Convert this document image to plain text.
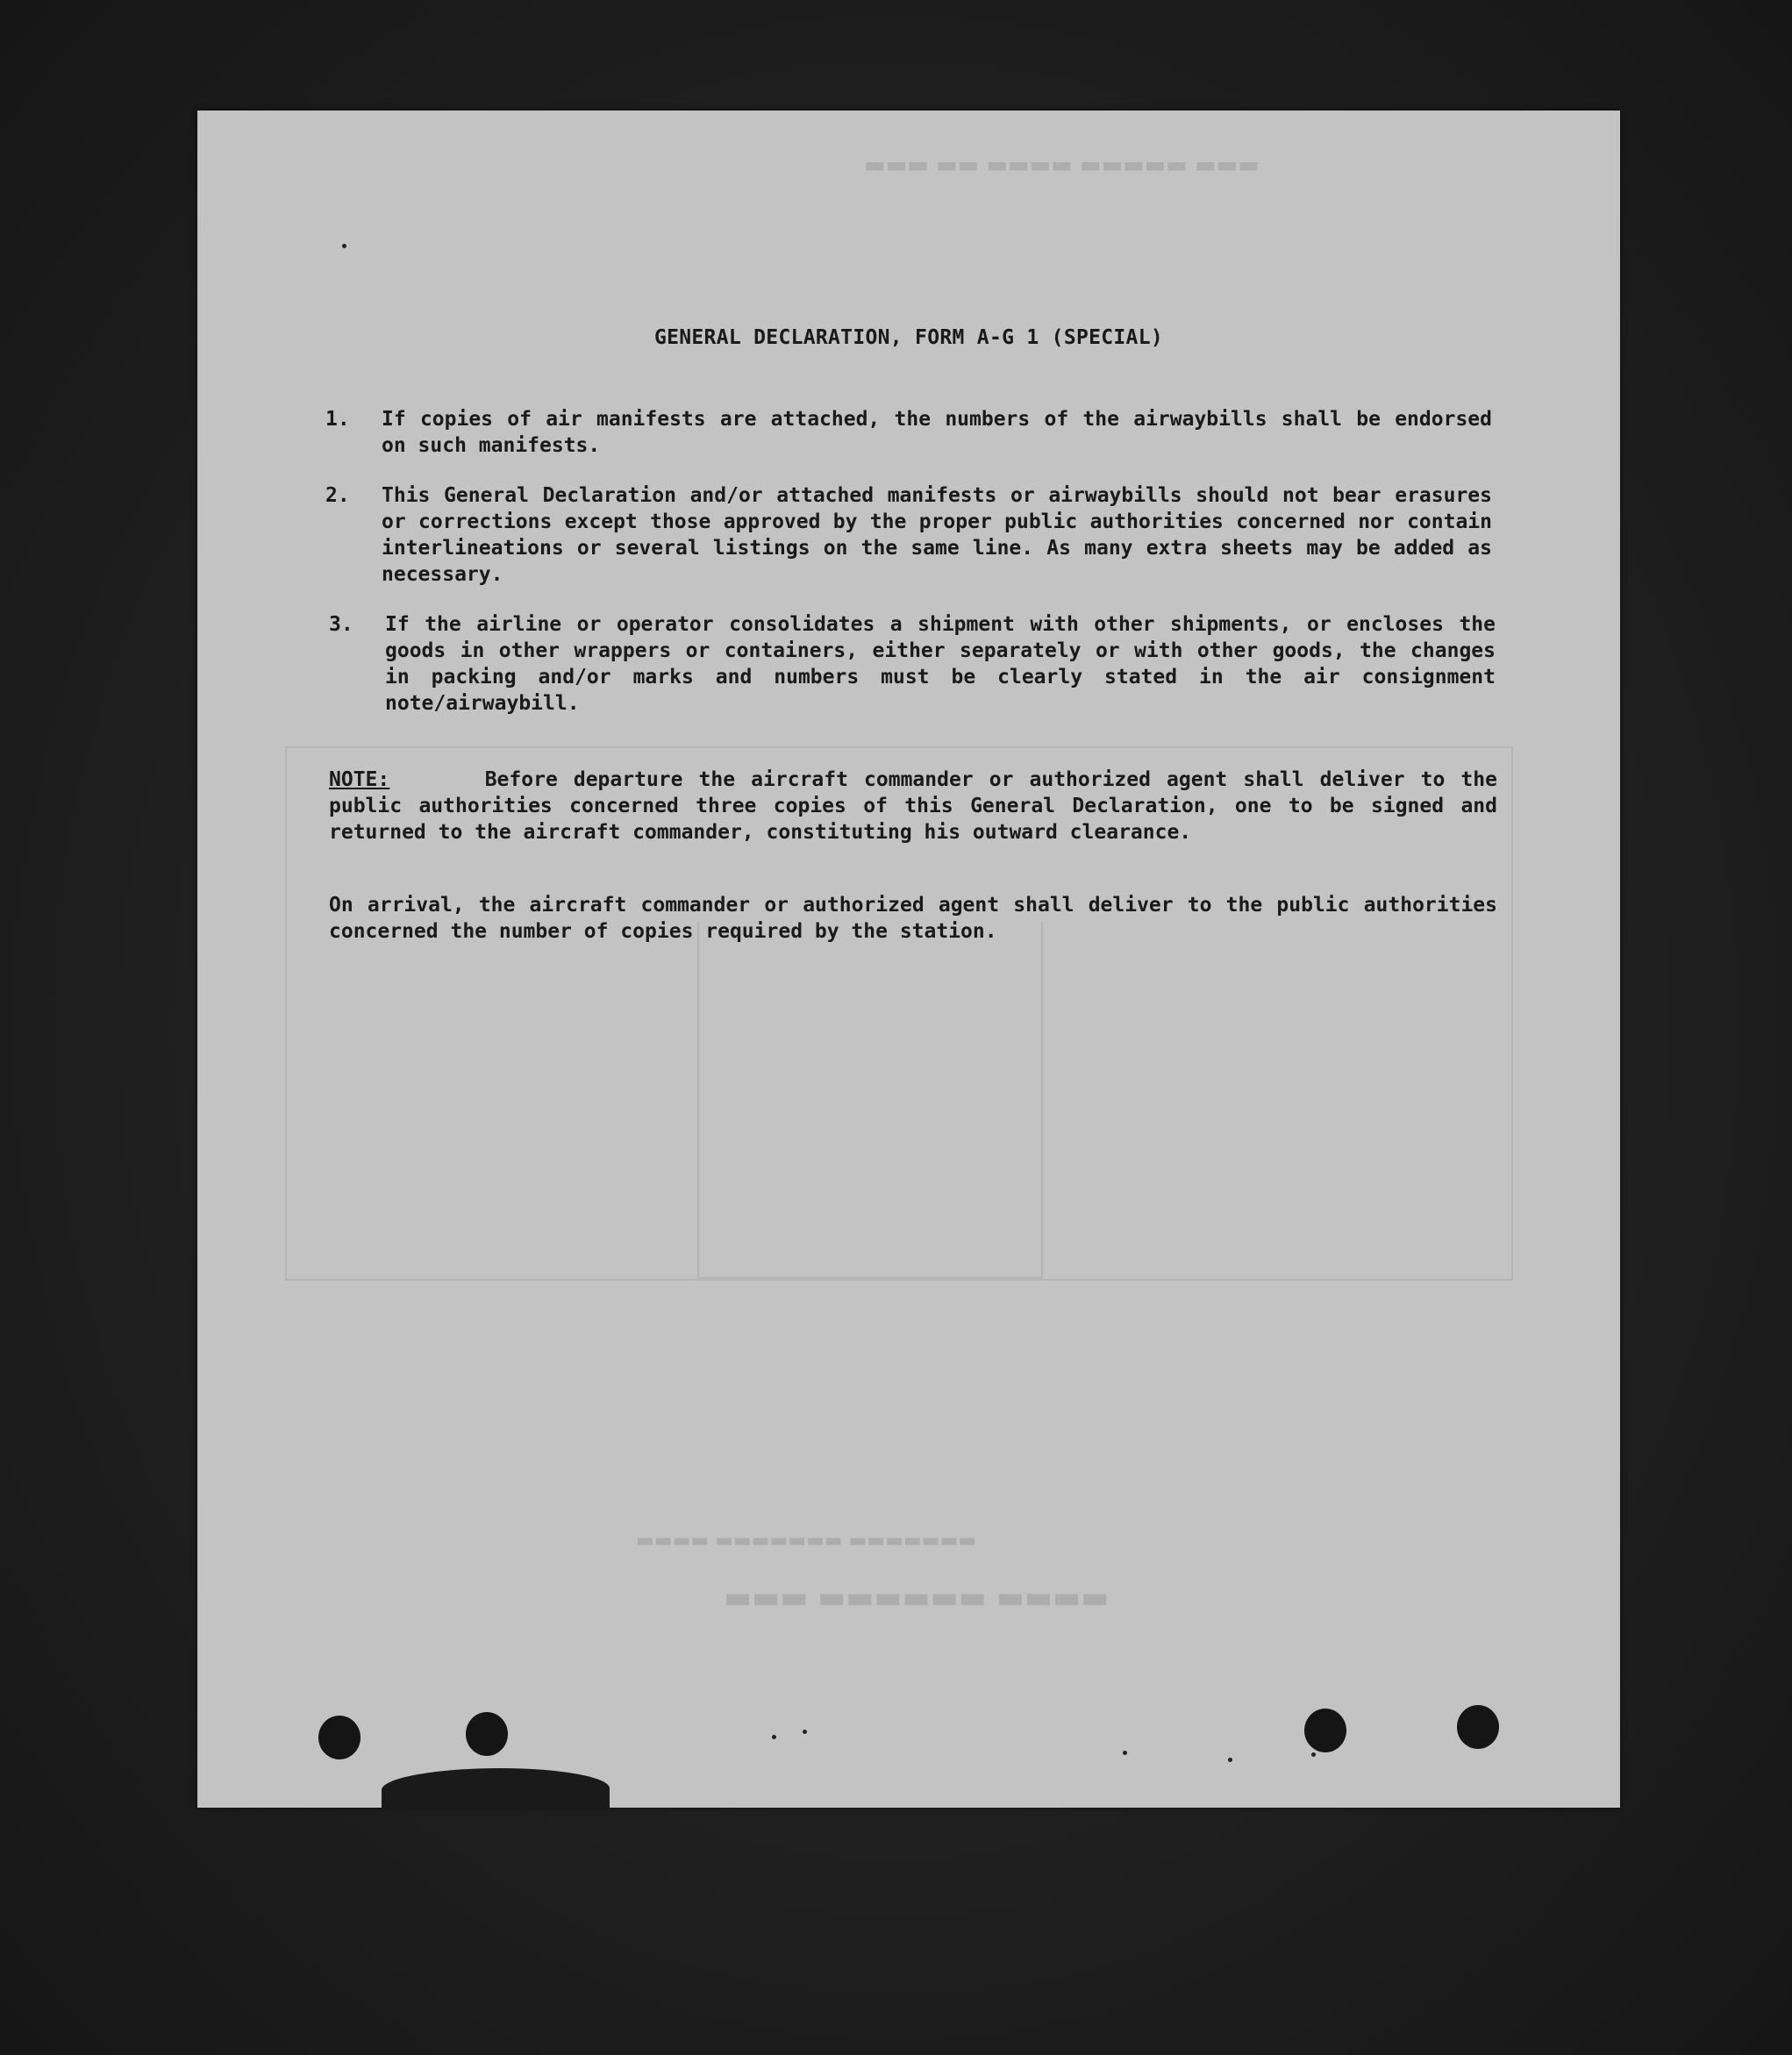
▬▬▬ ▬▬ ▬▬▬▬ ▬▬▬▬▬ ▬▬▬
▬▬▬ ▬▬▬▬▬▬ ▬▬▬▬
▬▬▬▬ ▬▬▬▬▬▬▬ ▬▬▬▬▬▬▬
GENERAL DECLARATION, FORM A-G 1 (SPECIAL)
1. If copies of air manifests are attached, the numbers of the airwaybills shall be endorsed on such manifests.
2. This General Declaration and/or attached manifests or airwaybills should not bear erasures or corrections except those approved by the proper public authorities concerned nor contain interlineations or several listings on the same line. As many extra sheets may be added as necessary.
3. If the airline or operator consolidates a shipment with other shipments, or encloses the goods in other wrappers or containers, either separately or with other goods, the changes in packing and/or marks and numbers must be clearly stated in the air consignment note/airwaybill.
NOTE:	Before departure the aircraft commander or authorized agent shall deliver to the public authorities concerned three copies of this General Declaration, one to be signed and returned to the aircraft commander, constituting his outward clearance.
On arrival, the aircraft commander or authorized agent shall deliver to the public authorities concerned the number of copies required by the station.
